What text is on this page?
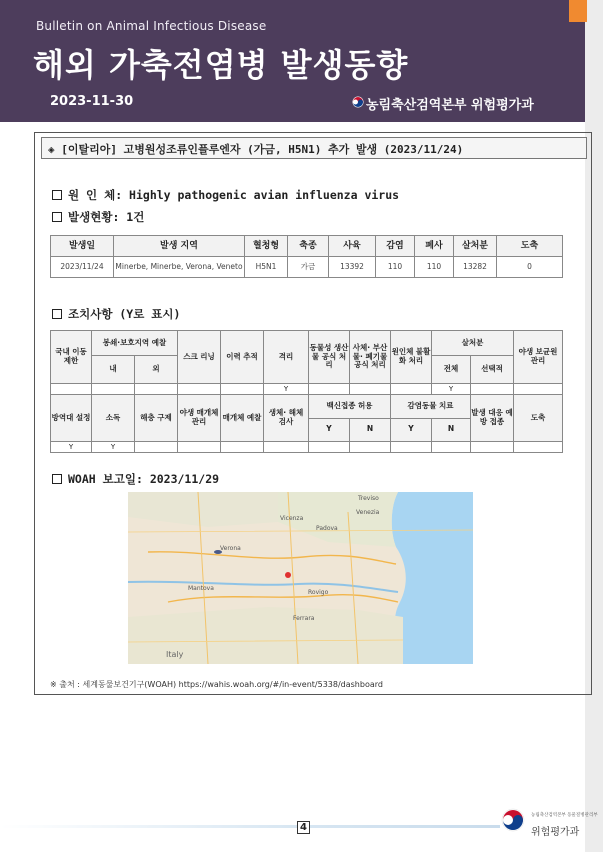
Bulletin on Animal Infectious Disease
해외 가축전염병 발생동향
2023-11-30	농림축산검역본부 위험평가과
◈ [이탈리아] 고병원성조류인플루엔자 (가금, H5N1) 추가 발생 (2023/11/24)
원 인 체: Highly pathogenic avian influenza virus
발생현황: 1건
발생일	발생 지역	혈청형	축종	사육	감염	폐사	살처분	도축
2023/11/24	Minerbe, Minerbe, Verona, Veneto	H5N1	가금	13392	110	110	13282	0
조치사항 (Y로 표시)
국내 이동 제한	봉쇄·보호지역 예찰		스크 리닝	이력 추적	격리	동물성 생산물 공식 처리	사체· 부산물· 폐기물 공식 처리	원인체 불활화 처리	살처분		야생 보균원 관리
	내	외							전체	선택적	
					Y				Y		
방역대 설정	소독	해충 구제	야생 매개체 관리	매개체 예찰	생체· 해체 검사	백신접종 허용		감염동물 치료		발생 대응 예방 접종	도축
						Y	N	Y	N		
Y	Y										
WOAH 보고일: 2023/11/29
Vicenza
Padova
Verona
Venezia
Rovigo
Ferrara
Mantova
Treviso
Italy
※ 출처 : 세계동물보건기구(WOAH) https://wahis.woah.org/#/in-event/5338/dashboard
4
농림축산검역본부 동물질병관리부
위험평가과
